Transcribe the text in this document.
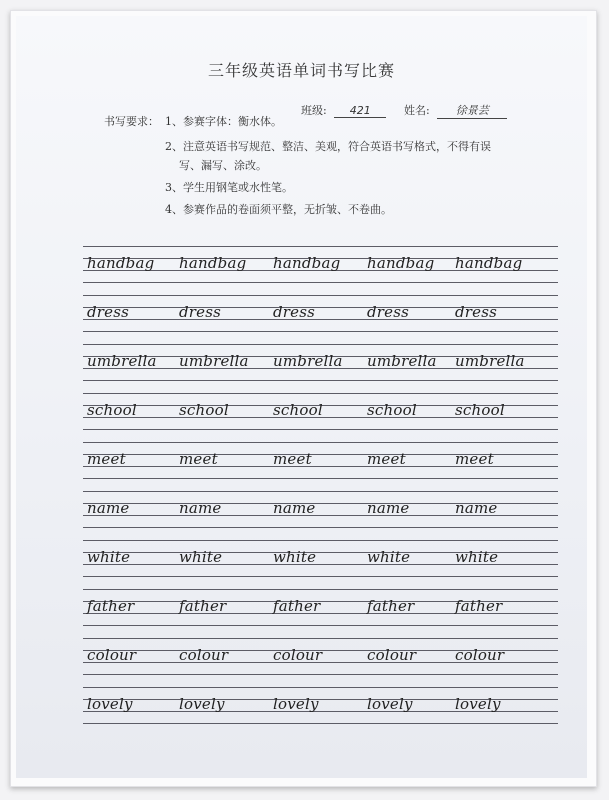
三年级英语单词书写比赛
班级: 421	姓名: 徐景芸
书写要求： 1、参赛字体：衡水体。
2、注意英语书写规范、整洁、美观，符合英语书写格式，不得有误
写、漏写、涂改。
3、学生用钢笔或水性笔。
4、参赛作品的卷面须平整，无折皱、不卷曲。
handbag handbag handbag handbag handbag
dress	dress	dress	dress	dress
umbrella umbrella umbrella umbrella umbrella
school	school	school	school	school
meet	meet	meet	meet	meet
name	name	name	name	name
white	white	white	white	white
father	father	father	father	father
colour	colour	colour	colour	colour
lovely	lovely	lovely	lovely	lovely
